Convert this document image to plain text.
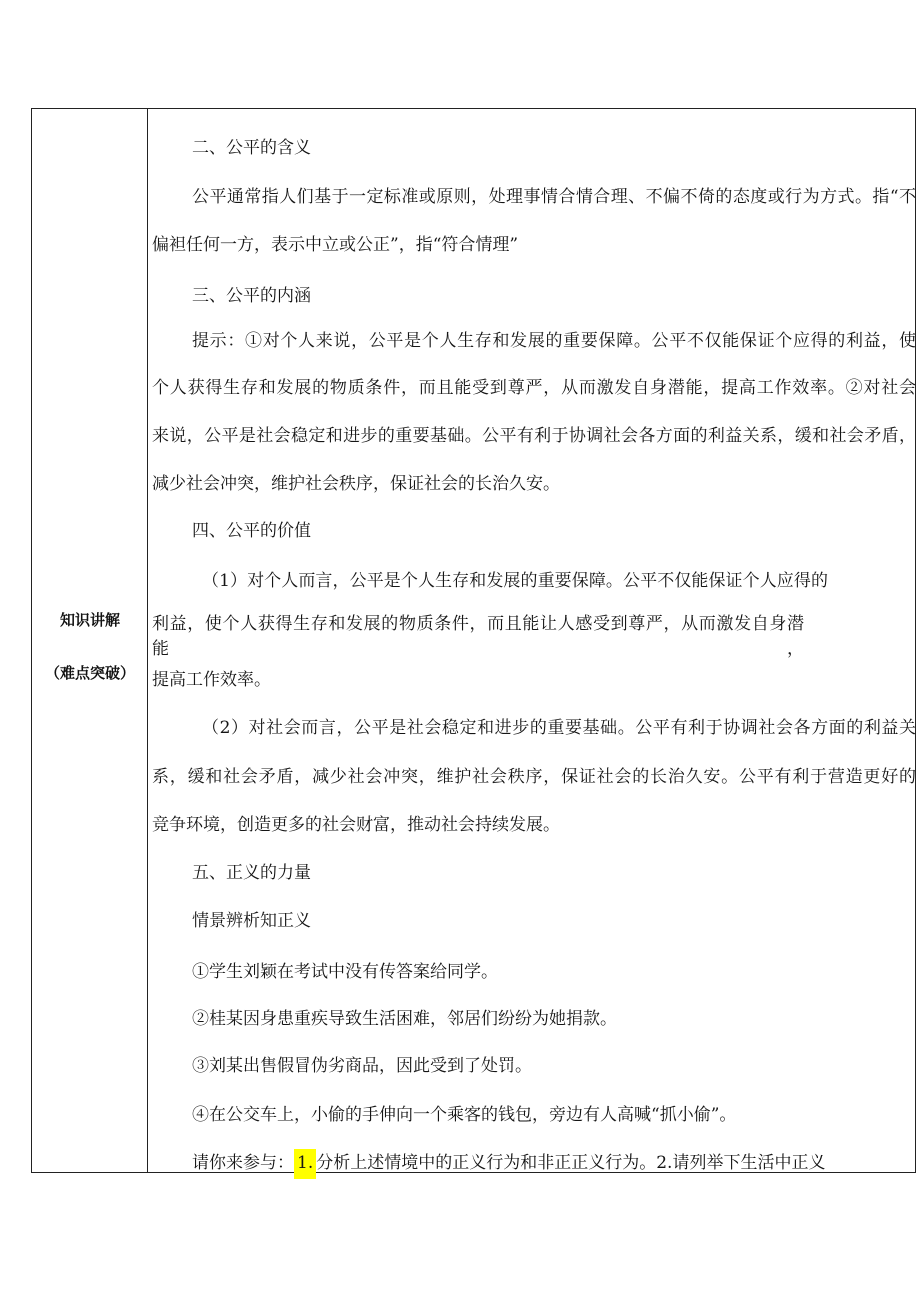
知识讲解
（难点突破）
二、公平的含义
公平通常指人们基于一定标准或原则，处理事情合情合理、不偏不倚的态度或行为方式。指“不
偏袒任何一方，表示中立或公正”，指“符合情理”
三、公平的内涵
提示：①对个人来说，公平是个人生存和发展的重要保障。公平不仅能保证个应得的利益，使
个人获得生存和发展的物质条件，而且能受到尊严，从而激发自身潜能，提高工作效率。②对社会
来说，公平是社会稳定和进步的重要基础。公平有利于协调社会各方面的利益关系，缓和社会矛盾，
减少社会冲突，维护社会秩序，保证社会的长治久安。
四、公平的价值
（1）对个人而言，公平是个人生存和发展的重要保障。公平不仅能保证个人应得的
利益，使个人获得生存和发展的物质条件，而且能让人感受到尊严，从而激发自身潜能，
提高工作效率。
（2）对社会而言，公平是社会稳定和进步的重要基础。公平有利于协调社会各方面的利益关
系，缓和社会矛盾，减少社会冲突，维护社会秩序，保证社会的长治久安。公平有利于营造更好的
竞争环境，创造更多的社会财富，推动社会持续发展。
五、正义的力量
情景辨析知正义
①学生刘颖在考试中没有传答案给同学。
②桂某因身患重疾导致生活困难，邻居们纷纷为她捐款。
③刘某出售假冒伪劣商品，因此受到了处罚。
④在公交车上，小偷的手伸向一个乘客的钱包，旁边有人高喊“抓小偷”。
请你来参与： 1. 分析上述情境中的正义行为和非正正义行为。2.请列举下生活中正义
